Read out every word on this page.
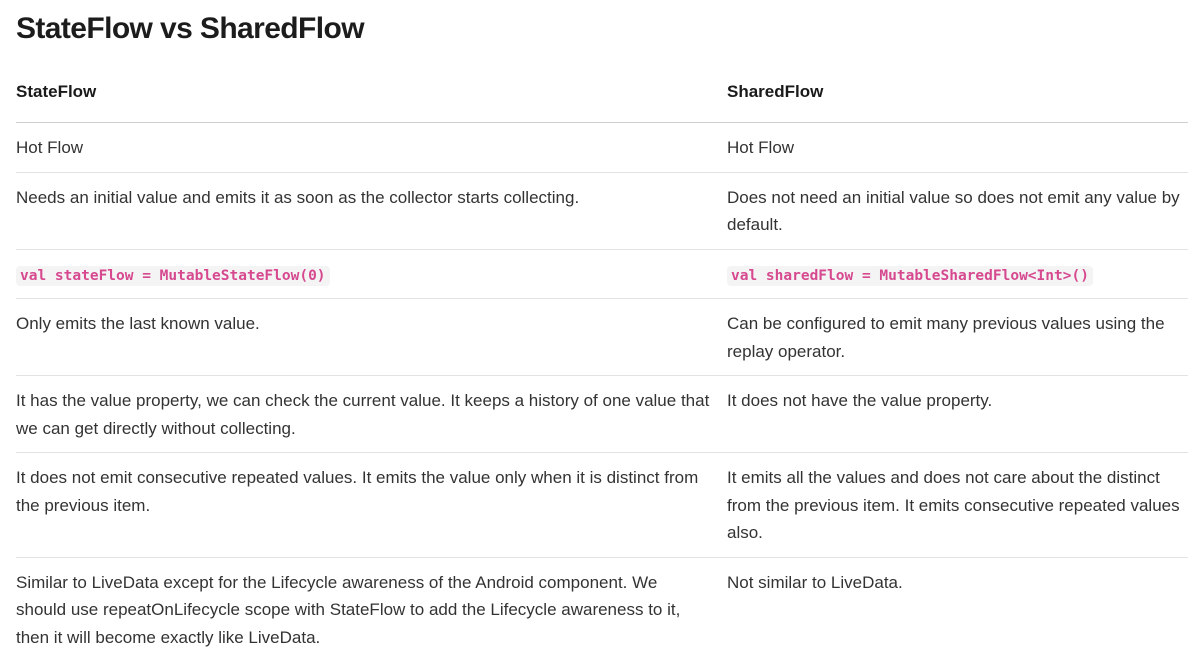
StateFlow vs SharedFlow
StateFlow	SharedFlow
Hot Flow	Hot Flow
Needs an initial value and emits it as soon as the collector starts collecting.	Does not need an initial value so does not emit any value by default.
val stateFlow = MutableStateFlow(0)	val sharedFlow = MutableSharedFlow<Int>()
Only emits the last known value.	Can be configured to emit many previous values using the replay operator.
It has the value property, we can check the current value. It keeps a history of one value that we can get directly without collecting.	It does not have the value property.
It does not emit consecutive repeated values. It emits the value only when it is distinct from the previous item.	It emits all the values and does not care about the distinct from the previous item. It emits consecutive repeated values also.
Similar to LiveData except for the Lifecycle awareness of the Android component. We should use repeatOnLifecycle scope with StateFlow to add the Lifecycle awareness to it, then it will become exactly like LiveData.	Not similar to LiveData.
